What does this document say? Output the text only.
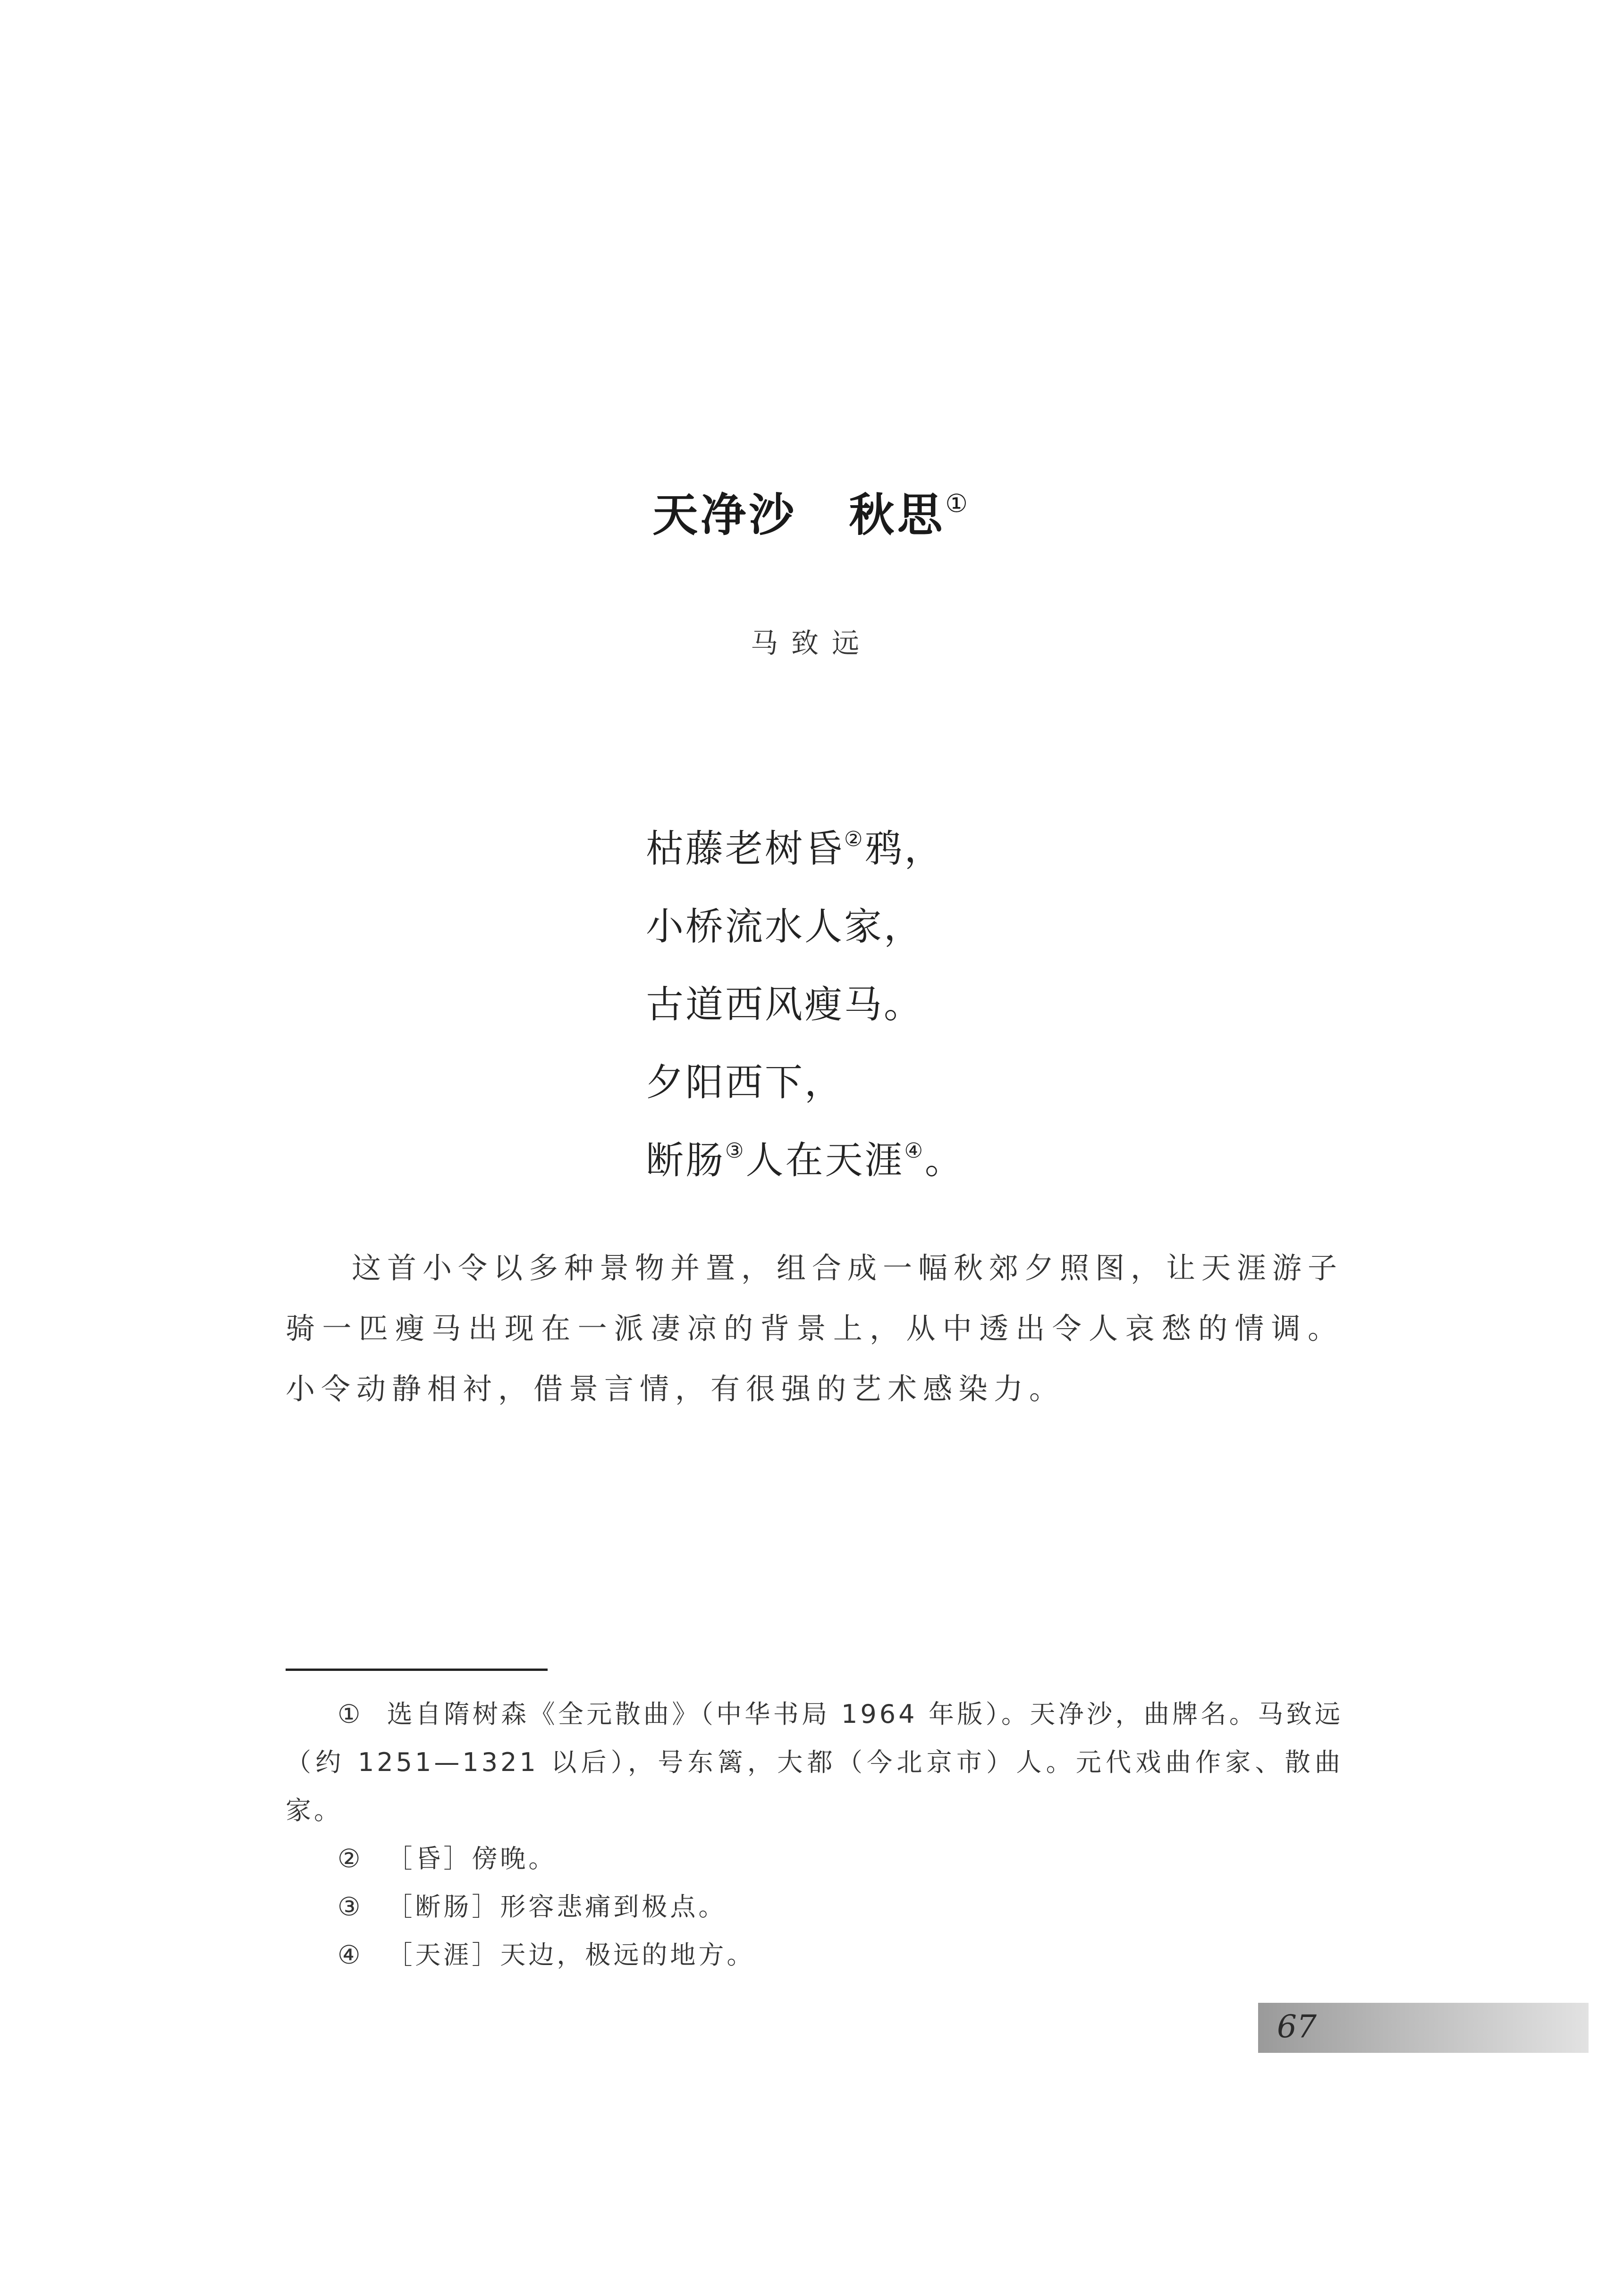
天净沙 秋思①
马致远
枯藤老树昏②鸦，
小桥流水人家，
古道西风瘦马。
夕阳西下，
断肠③人在天涯④。

这首小令以多种景物并置，组合成一幅秋郊夕照图，让天涯游子骑一匹瘦马出现在一派凄凉的背景上，从中透出令人哀愁的情调。小令动静相衬，借景言情，有很强的艺术感染力。

① 选自隋树森《全元散曲》（中华书局 1964 年版）。天净沙，曲牌名。马致远（约 1251—1321 以后），号东篱，大都（今北京市）人。元代戏曲作家、散曲家。

② ［昏］傍晚。

③ ［断肠］形容悲痛到极点。

④ ［天涯］天边，极远的地方。

67
